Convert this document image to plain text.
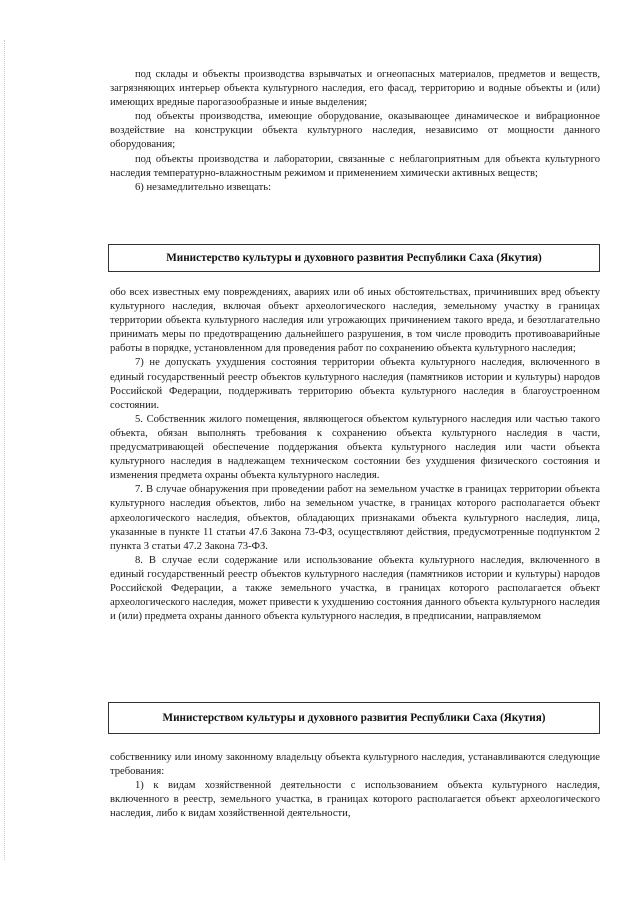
под склады и объекты производства взрывчатых и огнеопасных материалов, предметов и веществ, загрязняющих интерьер объекта культурного наследия, его фасад, территорию и водные объекты и (или) имеющих вредные парогазообразные и иные выделения;

под объекты производства, имеющие оборудование, оказывающее динамическое и вибрационное воздействие на конструкции объекта культурного наследия, независимо от мощности данного оборудования;

под объекты производства и лаборатории, связанные с неблагоприятным для объекта культурного наследия температурно-влажностным режимом и применением химически активных веществ;

6) незамедлительно извещать:

Министерство культуры и духовного развития Республики Саха (Якутия)

обо всех известных ему повреждениях, авариях или об иных обстоятельствах, причинивших вред объекту культурного наследия, включая объект археологического наследия, земельному участку в границах территории объекта культурного наследия или угрожающих причинением такого вреда, и безотлагательно принимать меры по предотвращению дальнейшего разрушения, в том числе проводить противоаварийные работы в порядке, установленном для проведения работ по сохранению объекта культурного наследия;

7) не допускать ухудшения состояния территории объекта культурного наследия, включенного в единый государственный реестр объектов культурного наследия (памятников истории и культуры) народов Российской Федерации, поддерживать территорию объекта культурного наследия в благоустроенном состоянии.

5. Собственник жилого помещения, являющегося объектом культурного наследия или частью такого объекта, обязан выполнять требования к сохранению объекта культурного наследия в части, предусматривающей обеспечение поддержания объекта культурного наследия или части объекта культурного наследия в надлежащем техническом состоянии без ухудшения физического состояния и изменения предмета охраны объекта культурного наследия.

7. В случае обнаружения при проведении работ на земельном участке в границах территории объекта культурного наследия объектов, либо на земельном участке, в границах которого располагается объект археологического наследия, объектов, обладающих признаками объекта культурного наследия, лица, указанные в пункте 11 статьи 47.6 Закона 73-ФЗ, осуществляют действия, предусмотренные подпунктом 2 пункта 3 статьи 47.2 Закона 73-ФЗ.

8. В случае если содержание или использование объекта культурного наследия, включенного в единый государственный реестр объектов культурного наследия (памятников истории и культуры) народов Российской Федерации, а также земельного участка, в границах которого располагается объект археологического наследия, может привести к ухудшению состояния данного объекта культурного наследия и (или) предмета охраны данного объекта культурного наследия, в предписании, направляемом

Министерством культуры и духовного развития Республики Саха (Якутия)

собственнику или иному законному владельцу объекта культурного наследия, устанавливаются следующие требования:

1) к видам хозяйственной деятельности с использованием объекта культурного наследия, включенного в реестр, земельного участка, в границах которого располагается объект археологического наследия, либо к видам хозяйственной деятельности,
